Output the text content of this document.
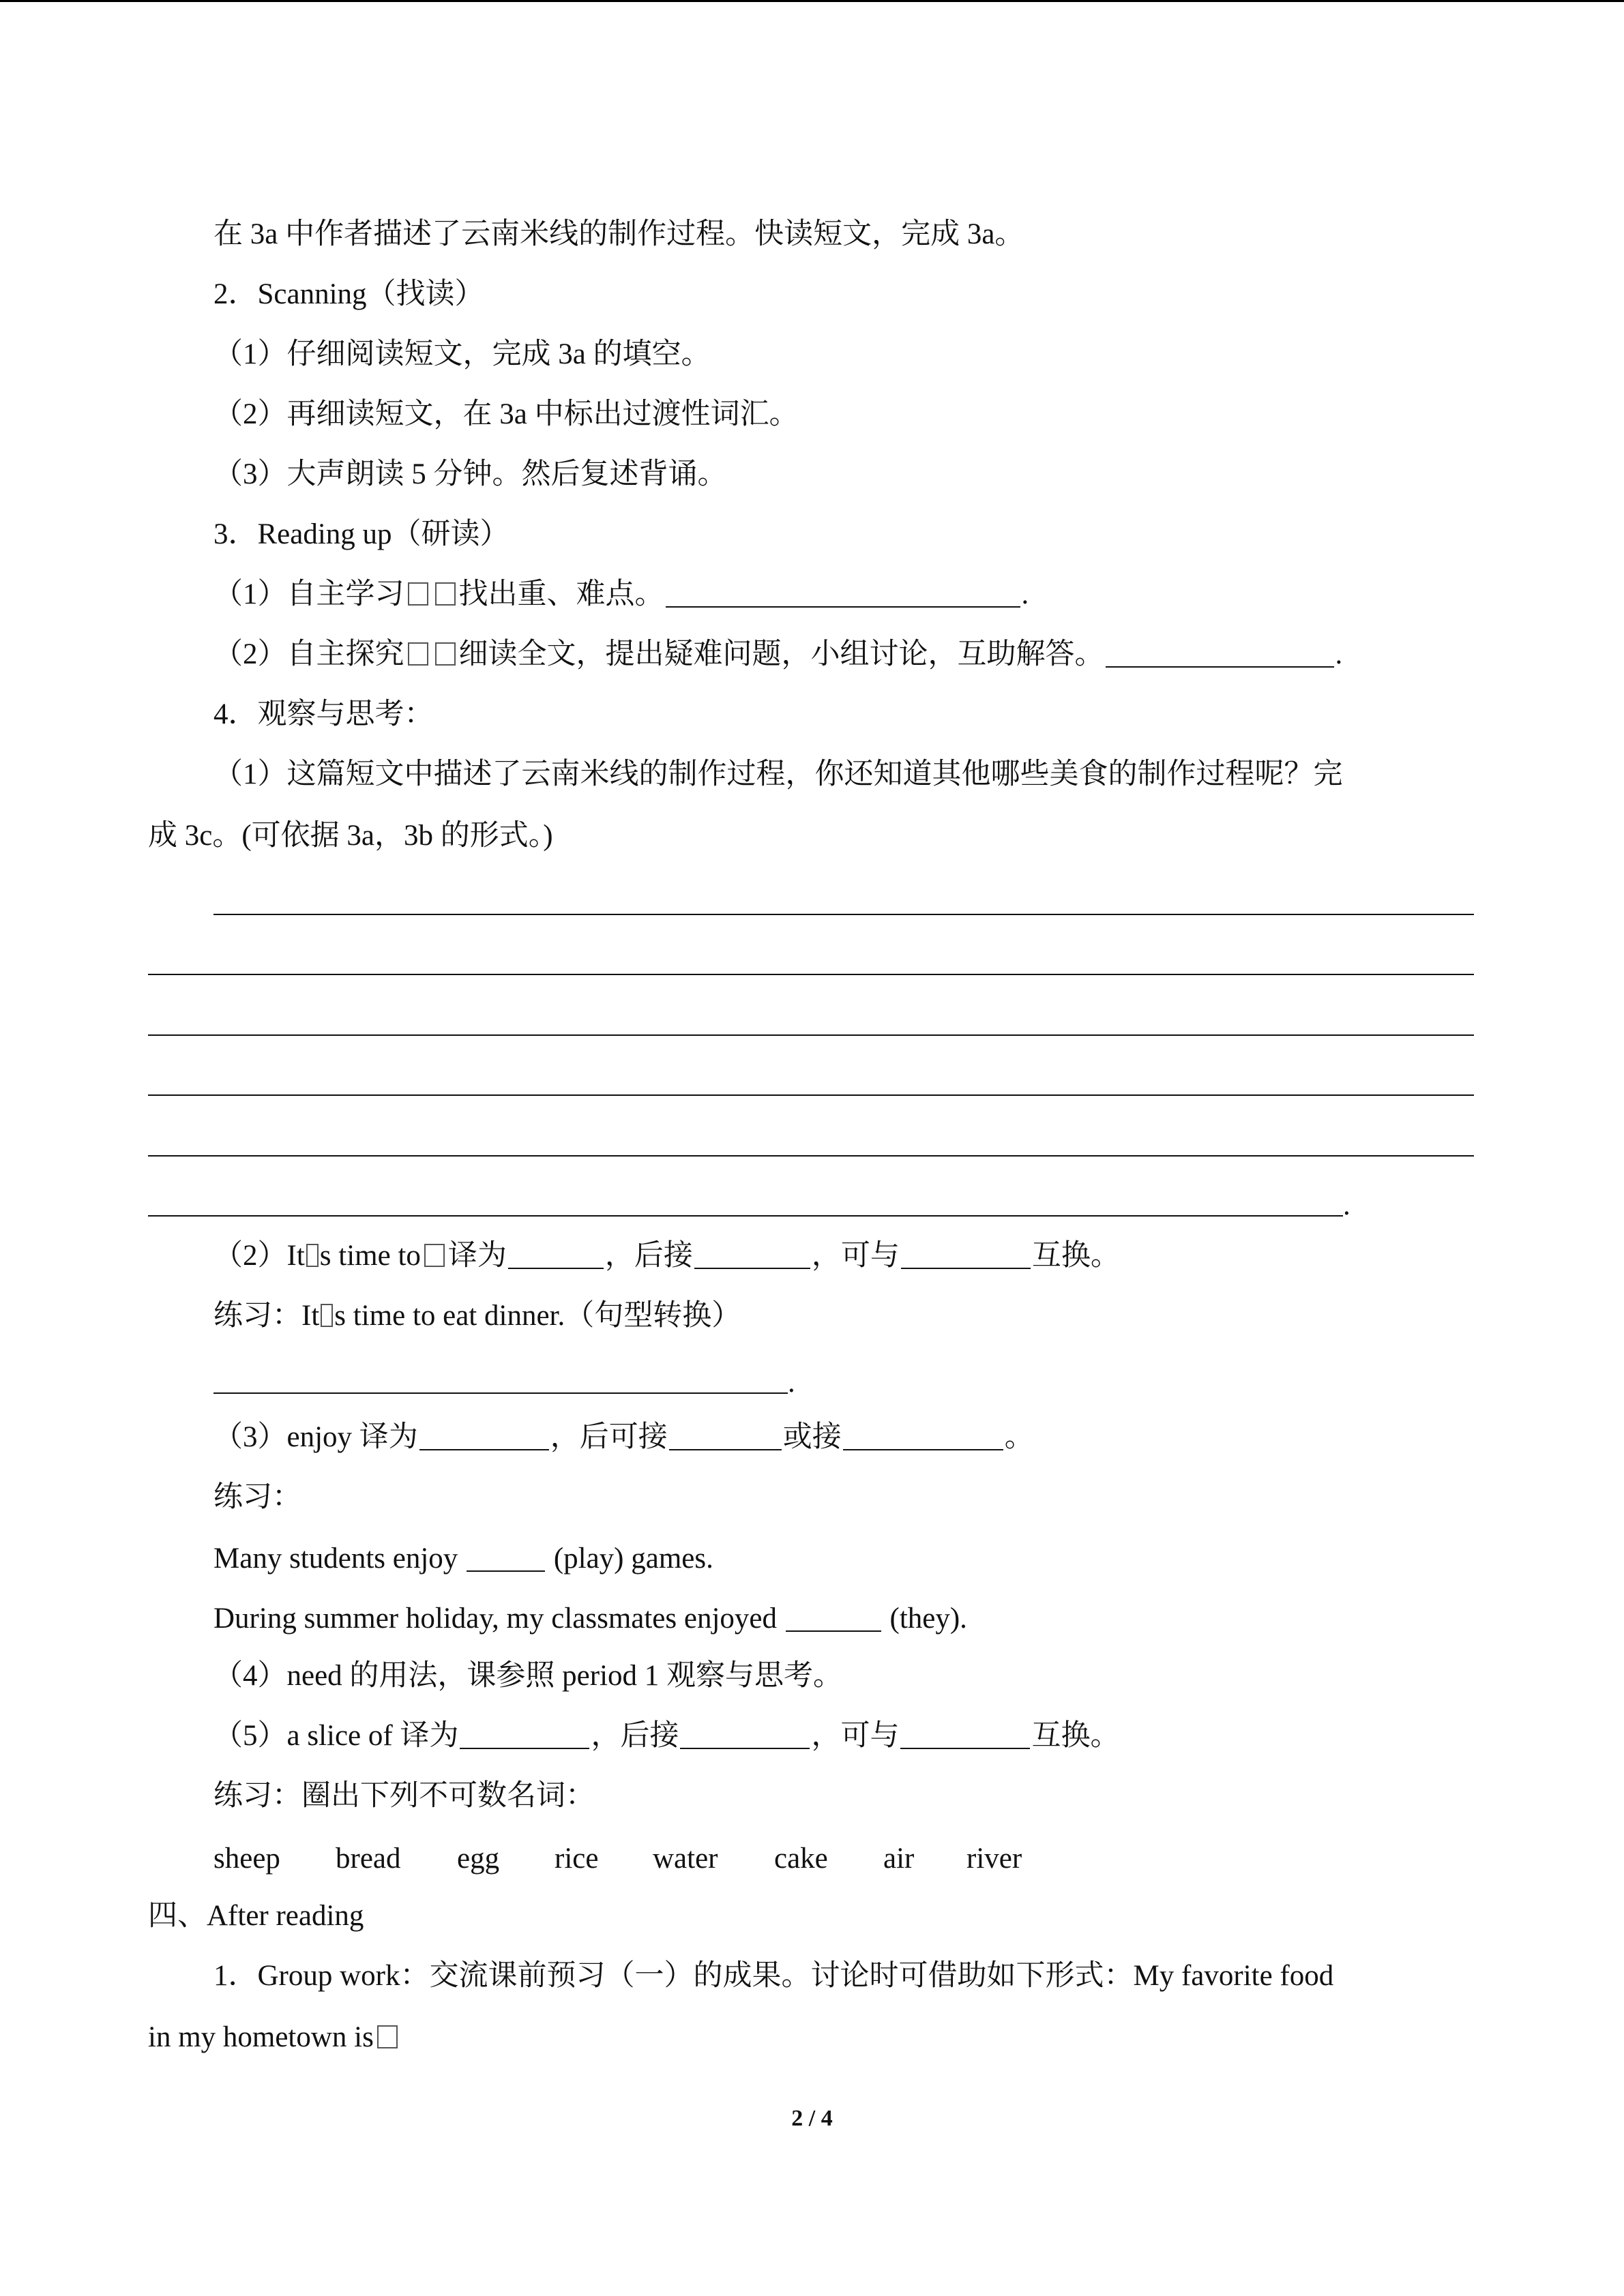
在 3a 中作者描述了云南米线的制作过程。快读短文，完成 3a。
2．Scanning（找读）
（1）仔细阅读短文，完成 3a 的填空。
（2）再细读短文，在 3a 中标出过渡性词汇。
（3）大声朗读 5 分钟。然后复述背诵。
3．Reading up（研读）
（1）自主学习 找出重、难点。	.
（2）自主探究 细读全文，提出疑难问题，小组讨论，互助解答。	.
4．观察与思考：
（1）这篇短文中描述了云南米线的制作过程，你还知道其他哪些美食的制作过程呢？完
成 3c。(可依据 3a，3b 的形式。)
.
（2）It s time to 译为	，后接	，可与	互换。
练习：It s time to eat dinner.（句型转换）
.
（3）enjoy 译为	，后可接	或接	。
练习：
Many students enjoy	(play) games.
During summer holiday, my classmates enjoyed	(they).
（4）need 的用法，课参照 period 1 观察与思考。
（5）a slice of 译为	，后接	，可与	互换。
练习：圈出下列不可数名词：
sheep bread egg rice water cake air river
四、After reading
1．Group work：交流课前预习（一）的成果。讨论时可借助如下形式：My favorite food
in my hometown is
2 / 4
